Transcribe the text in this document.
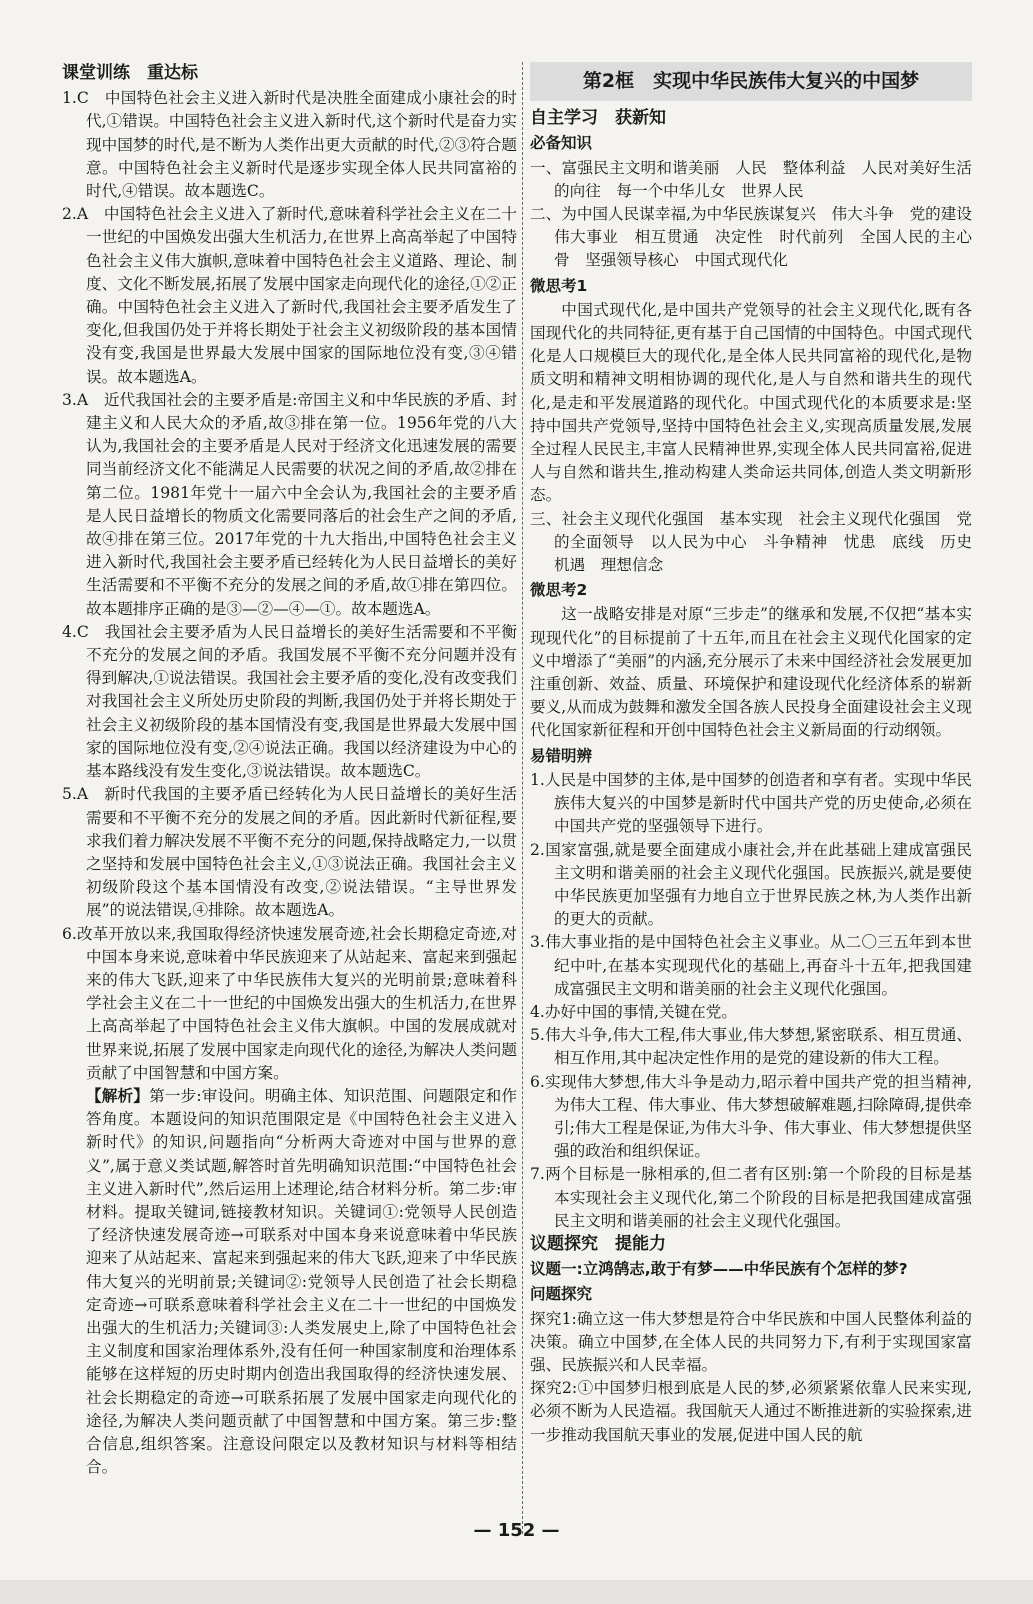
课堂训练　重达标

1.C　中国特色社会主义进入新时代是决胜全面建成小康社会的时代,①错误。中国特色社会主义进入新时代,这个新时代是奋力实现中国梦的时代,是不断为人类作出更大贡献的时代,②③符合题意。中国特色社会主义新时代是逐步实现全体人民共同富裕的时代,④错误。故本题选C。

2.A　中国特色社会主义进入了新时代,意味着科学社会主义在二十一世纪的中国焕发出强大生机活力,在世界上高高举起了中国特色社会主义伟大旗帜,意味着中国特色社会主义道路、理论、制度、文化不断发展,拓展了发展中国家走向现代化的途径,①②正确。中国特色社会主义进入了新时代,我国社会主要矛盾发生了变化,但我国仍处于并将长期处于社会主义初级阶段的基本国情没有变,我国是世界最大发展中国家的国际地位没有变,③④错误。故本题选A。

3.A　近代我国社会的主要矛盾是:帝国主义和中华民族的矛盾、封建主义和人民大众的矛盾,故③排在第一位。1956年党的八大认为,我国社会的主要矛盾是人民对于经济文化迅速发展的需要同当前经济文化不能满足人民需要的状况之间的矛盾,故②排在第二位。1981年党十一届六中全会认为,我国社会的主要矛盾是人民日益增长的物质文化需要同落后的社会生产之间的矛盾,故④排在第三位。2017年党的十九大指出,中国特色社会主义进入新时代,我国社会主要矛盾已经转化为人民日益增长的美好生活需要和不平衡不充分的发展之间的矛盾,故①排在第四位。故本题排序正确的是③—②—④—①。故本题选A。

4.C　我国社会主要矛盾为人民日益增长的美好生活需要和不平衡不充分的发展之间的矛盾。我国发展不平衡不充分问题并没有得到解决,①说法错误。我国社会主要矛盾的变化,没有改变我们对我国社会主义所处历史阶段的判断,我国仍处于并将长期处于社会主义初级阶段的基本国情没有变,我国是世界最大发展中国家的国际地位没有变,②④说法正确。我国以经济建设为中心的基本路线没有发生变化,③说法错误。故本题选C。

5.A　新时代我国的主要矛盾已经转化为人民日益增长的美好生活需要和不平衡不充分的发展之间的矛盾。因此新时代新征程,要求我们着力解决发展不平衡不充分的问题,保持战略定力,一以贯之坚持和发展中国特色社会主义,①③说法正确。我国社会主义初级阶段这个基本国情没有改变,②说法错误。“主导世界发展”的说法错误,④排除。故本题选A。

6.改革开放以来,我国取得经济快速发展奇迹,社会长期稳定奇迹,对中国本身来说,意味着中华民族迎来了从站起来、富起来到强起来的伟大飞跃,迎来了中华民族伟大复兴的光明前景;意味着科学社会主义在二十一世纪的中国焕发出强大的生机活力,在世界上高高举起了中国特色社会主义伟大旗帜。中国的发展成就对世界来说,拓展了发展中国家走向现代化的途径,为解决人类问题贡献了中国智慧和中国方案。

【解析】第一步:审设问。明确主体、知识范围、问题限定和作答角度。本题设问的知识范围限定是《中国特色社会主义进入新时代》的知识,问题指向“分析两大奇迹对中国与世界的意义”,属于意义类试题,解答时首先明确知识范围:“中国特色社会主义进入新时代”,然后运用上述理论,结合材料分析。第二步:审材料。提取关键词,链接教材知识。关键词①:党领导人民创造了经济快速发展奇迹→可联系对中国本身来说意味着中华民族迎来了从站起来、富起来到强起来的伟大飞跃,迎来了中华民族伟大复兴的光明前景;关键词②:党领导人民创造了社会长期稳定奇迹→可联系意味着科学社会主义在二十一世纪的中国焕发出强大的生机活力;关键词③:人类发展史上,除了中国特色社会主义制度和国家治理体系外,没有任何一种国家制度和治理体系能够在这样短的历史时期内创造出我国取得的经济快速发展、社会长期稳定的奇迹→可联系拓展了发展中国家走向现代化的途径,为解决人类问题贡献了中国智慧和中国方案。第三步:整合信息,组织答案。注意设问限定以及教材知识与材料等相结合。

第2框　实现中华民族伟大复兴的中国梦
自主学习　获新知
必备知识

一、富强民主文明和谐美丽　人民　整体利益　人民对美好生活的向往　每一个中华儿女　世界人民

二、为中国人民谋幸福,为中华民族谋复兴　伟大斗争　党的建设　伟大事业　相互贯通　决定性　时代前列　全国人民的主心骨　坚强领导核心　中国式现代化

微思考1

中国式现代化,是中国共产党领导的社会主义现代化,既有各国现代化的共同特征,更有基于自己国情的中国特色。中国式现代化是人口规模巨大的现代化,是全体人民共同富裕的现代化,是物质文明和精神文明相协调的现代化,是人与自然和谐共生的现代化,是走和平发展道路的现代化。中国式现代化的本质要求是:坚持中国共产党领导,坚持中国特色社会主义,实现高质量发展,发展全过程人民民主,丰富人民精神世界,实现全体人民共同富裕,促进人与自然和谐共生,推动构建人类命运共同体,创造人类文明新形态。

三、社会主义现代化强国　基本实现　社会主义现代化强国　党的全面领导　以人民为中心　斗争精神　忧患　底线　历史机遇　理想信念

微思考2

这一战略安排是对原“三步走”的继承和发展,不仅把“基本实现现代化”的目标提前了十五年,而且在社会主义现代化国家的定义中增添了“美丽”的内涵,充分展示了未来中国经济社会发展更加注重创新、效益、质量、环境保护和建设现代化经济体系的崭新要义,从而成为鼓舞和激发全国各族人民投身全面建设社会主义现代化国家新征程和开创中国特色社会主义新局面的行动纲领。

易错明辨

1.人民是中国梦的主体,是中国梦的创造者和享有者。实现中华民族伟大复兴的中国梦是新时代中国共产党的历史使命,必须在中国共产党的坚强领导下进行。

2.国家富强,就是要全面建成小康社会,并在此基础上建成富强民主文明和谐美丽的社会主义现代化强国。民族振兴,就是要使中华民族更加坚强有力地自立于世界民族之林,为人类作出新的更大的贡献。

3.伟大事业指的是中国特色社会主义事业。从二〇三五年到本世纪中叶,在基本实现现代化的基础上,再奋斗十五年,把我国建成富强民主文明和谐美丽的社会主义现代化强国。

4.办好中国的事情,关键在党。

5.伟大斗争,伟大工程,伟大事业,伟大梦想,紧密联系、相互贯通、相互作用,其中起决定性作用的是党的建设新的伟大工程。

6.实现伟大梦想,伟大斗争是动力,昭示着中国共产党的担当精神,为伟大工程、伟大事业、伟大梦想破解难题,扫除障碍,提供牵引;伟大工程是保证,为伟大斗争、伟大事业、伟大梦想提供坚强的政治和组织保证。

7.两个目标是一脉相承的,但二者有区别:第一个阶段的目标是基本实现社会主义现代化,第二个阶段的目标是把我国建成富强民主文明和谐美丽的社会主义现代化强国。

议题探究　提能力
议题一:立鸿鹄志,敢于有梦——中华民族有个怎样的梦?
问题探究

探究1:确立这一伟大梦想是符合中华民族和中国人民整体利益的决策。确立中国梦,在全体人民的共同努力下,有利于实现国家富强、民族振兴和人民幸福。

探究2:①中国梦归根到底是人民的梦,必须紧紧依靠人民来实现,必须不断为人民造福。我国航天人通过不断推进新的实验探索,进一步推动我国航天事业的发展,促进中国人民的航

— 152 —
